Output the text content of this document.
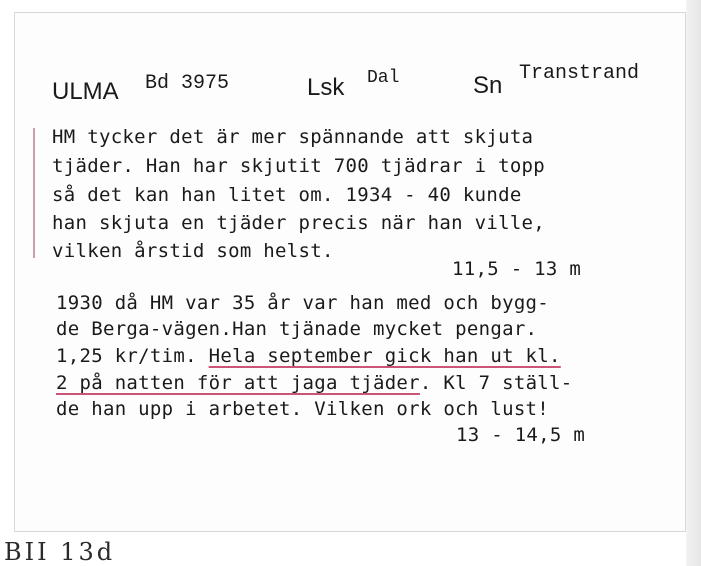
ULMA Bd 3975	Lsk Dal	Sn Transtrand
HM tycker det är mer spännande att skjuta
tjäder. Han har skjutit 700 tjädrar i topp
så det kan han litet om. 1934 - 40 kunde
han skjuta en tjäder precis när han ville,
vilken årstid som helst.
11,5 - 13 m
1930 då HM var 35 år var han med och bygg-
de Berga-vägen.Han tjänade mycket pengar.
1,25 kr/tim. Hela september gick han ut kl.
2 på natten för att jaga tjäder. Kl 7 ställ-
de han upp i arbetet. Vilken ork och lust!
13 - 14,5 m
BII 13d
